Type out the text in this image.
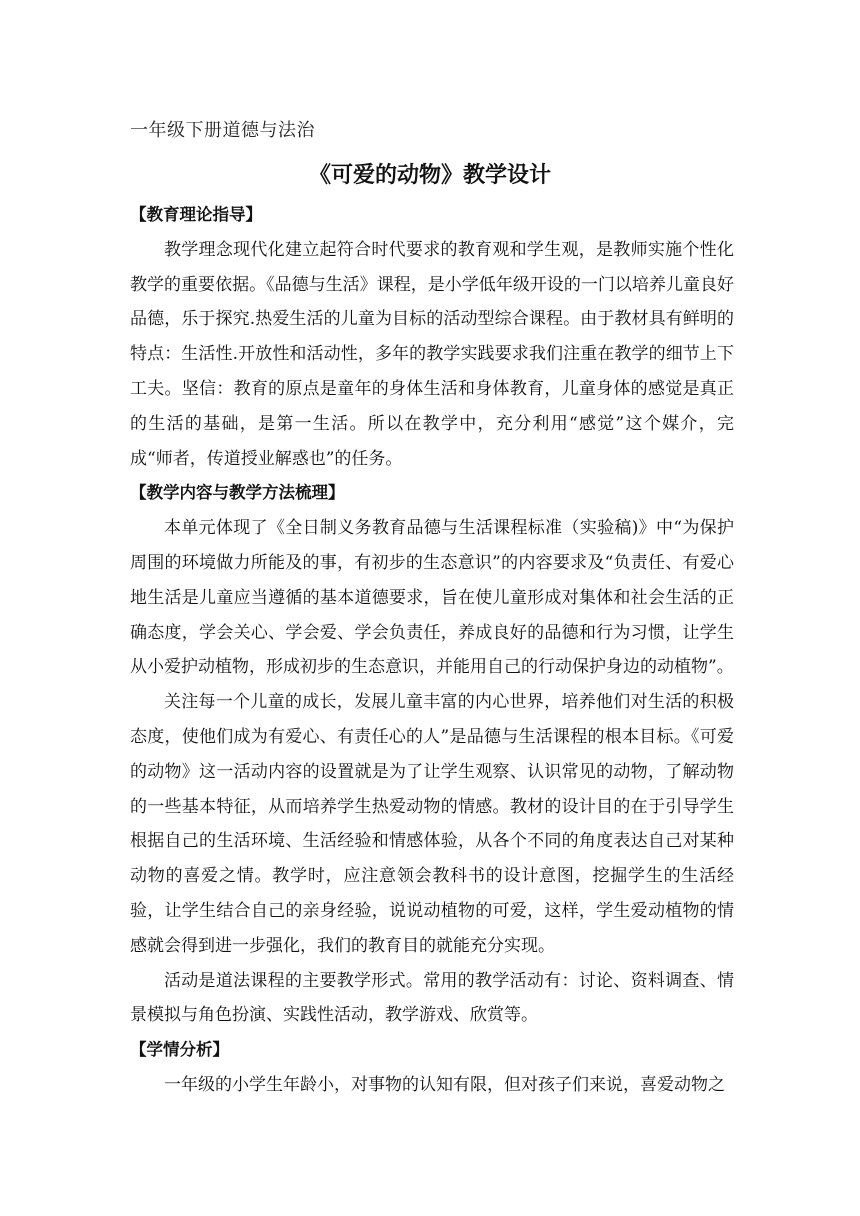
一年级下册道德与法治
《可爱的动物》教学设计

【教育理论指导】

教学理念现代化建立起符合时代要求的教育观和学生观，是教师实施个性化教学的重要依据。《品德与生活》课程，是小学低年级开设的一门以培养儿童良好品德，乐于探究.热爱生活的儿童为目标的活动型综合课程。由于教材具有鲜明的特点：生活性.开放性和活动性，多年的教学实践要求我们注重在教学的细节上下工夫。坚信：教育的原点是童年的身体生活和身体教育，儿童身体的感觉是真正的生活的基础，是第一生活。所以在教学中，充分利用“感觉”这个媒介，完成“师者，传道授业解惑也”的任务。

【教学内容与教学方法梳理】

本单元体现了《全日制义务教育品德与生活课程标准（实验稿)》中“为保护周围的环境做力所能及的事，有初步的生态意识”的内容要求及“负责任、有爱心地生活是儿童应当遵循的基本道德要求，旨在使儿童形成对集体和社会生活的正确态度，学会关心、学会爱、学会负责任，养成良好的品德和行为习惯，让学生从小爱护动植物，形成初步的生态意识，并能用自己的行动保护身边的动植物”。

关注每一个儿童的成长，发展儿童丰富的内心世界，培养他们对生活的积极态度，使他们成为有爱心、有责任心的人”是品德与生活课程的根本目标。《可爱的动物》这一活动内容的设置就是为了让学生观察、认识常见的动物，了解动物的一些基本特征，从而培养学生热爱动物的情感。教材的设计目的在于引导学生根据自己的生活环境、生活经验和情感体验，从各个不同的角度表达自己对某种动物的喜爱之情。教学时，应注意领会教科书的设计意图，挖掘学生的生活经验，让学生结合自己的亲身经验，说说动植物的可爱，这样，学生爱动植物的情感就会得到进一步强化，我们的教育目的就能充分实现。

活动是道法课程的主要教学形式。常用的教学活动有：讨论、资料调查、情景模拟与角色扮演、实践性活动，教学游戏、欣赏等。

【学情分析】

一年级的小学生年龄小，对事物的认知有限，但对孩子们来说，喜爱动物之
